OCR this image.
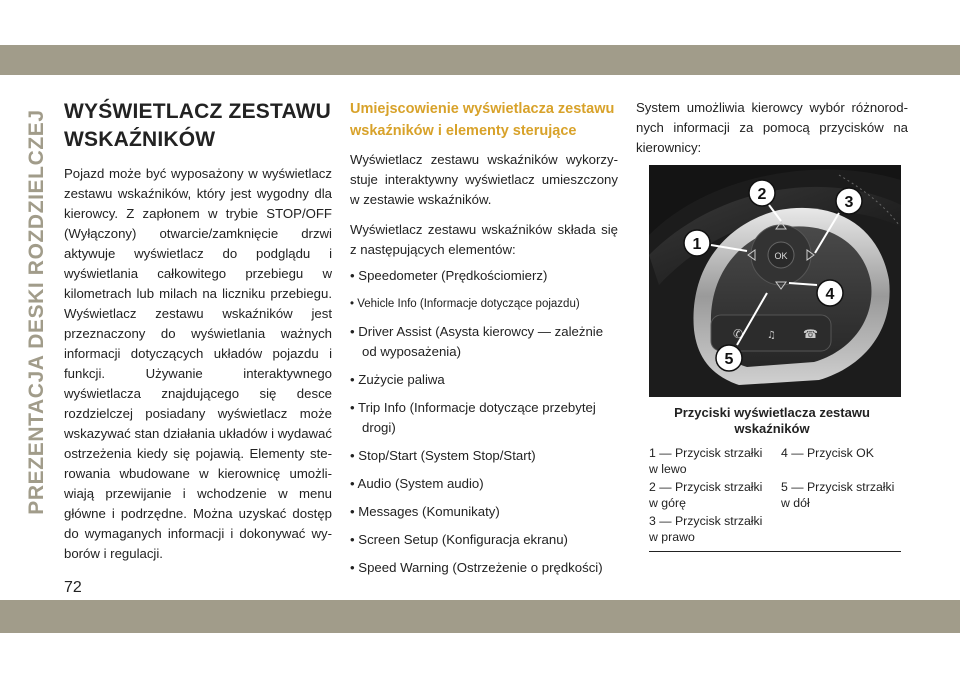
PREZENTACJA DESKI ROZDZIELCZEJ WYŚWIETLACZ ZESTAWU
WSKAŹNIKÓW

Pojazd może być wyposażony w wyświetlacz zestawu wskaźników, który jest wygodny dla kierowcy. Z zapłonem w trybie STOP/OFF (Wyłączony) otwarcie/zamknięcie drzwi aktywuje wyświetlacz do podglądu i wyświetlania całkowitego przebiegu w kilometrach lub milach na liczniku przebiegu. Wyświetlacz zestawu wskaźników jest przeznaczony do wyświetlania ważnych informacji dotyczących układów pojazdu i funkcji. Używanie interaktywnego wyświetlacza znajdującego się desce rozdzielczej posiadany wyświetlacz może wskazywać stan działania układów i wydawać ostrzeżenia kiedy się pojawią. Elementy sterowania wbudowane w kierownicę umożliwiają przewijanie i wchodzenie w menu główne i podrzędne. Można uzyskać dostęp do wymaganych informacji i dokonywać wyborów i regulacji.

Umiejscowienie wyświetlacza zestawu wskaźników i elementy sterujące

Wyświetlacz zestawu wskaźników wykorzystuje interaktywny wyświetlacz umieszczony w zestawie wskaźników.

Wyświetlacz zestawu wskaźników składa się z następujących elementów:

• Speedometer (Prędkościomierz)
• Vehicle Info (Informacje dotyczące pojazdu)
• Driver Assist (Asysta kierowcy — zależnie od wyposażenia)
• Zużycie paliwa
• Trip Info (Informacje dotyczące przebytej drogi)
• Stop/Start (System Stop/Start)
• Audio (System audio)
• Messages (Komunikaty)
• Screen Setup (Konfiguracja ekranu)
• Speed Warning (Ostrzeżenie o prędkości)

System umożliwia kierowcy wybór różnorodnych informacji za pomocą przycisków na kierownicy:

OK
✆ ♫ ☎
1
2	3
4
5
Przyciski wyświetlacza zestawu wskaźników
1 — Przycisk strzałki w lewo
4 — Przycisk OK
2 — Przycisk strzałki w górę
5 — Przycisk strzałki w dół
3 — Przycisk strzałki w prawo
72
